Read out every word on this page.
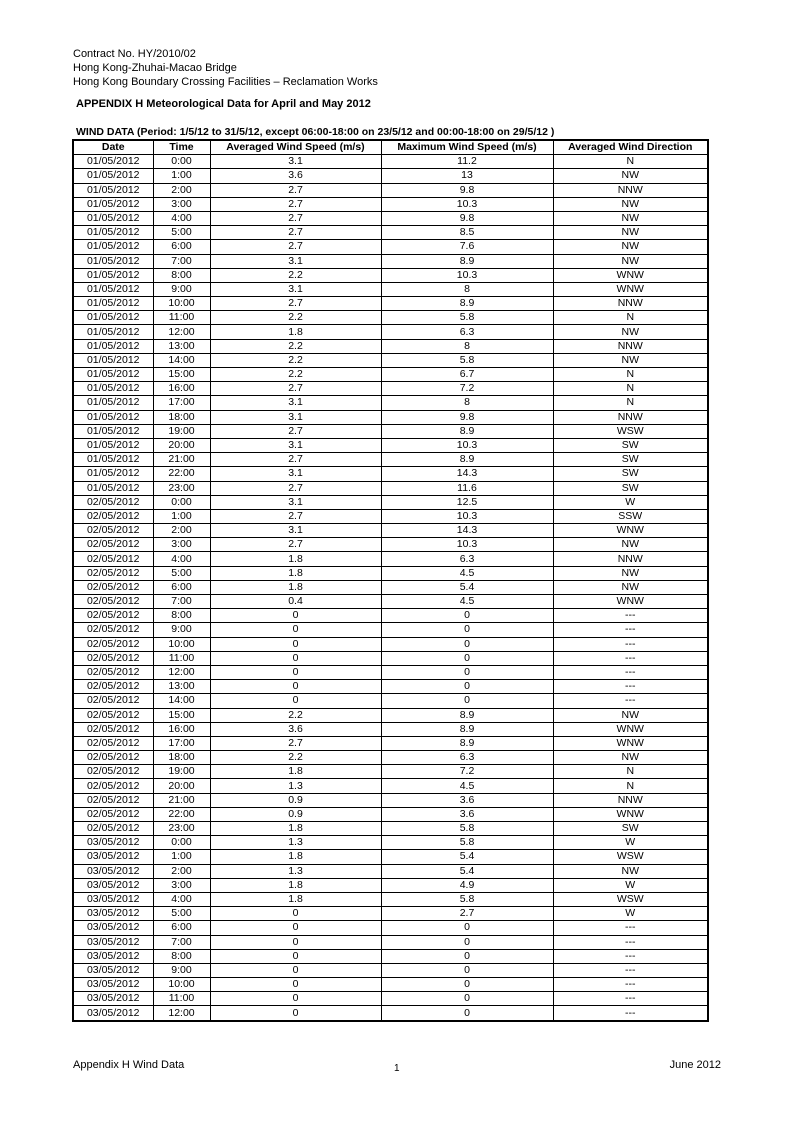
Contract No. HY/2010/02
Hong Kong-Zhuhai-Macao Bridge
Hong Kong Boundary Crossing Facilities – Reclamation Works
APPENDIX H Meteorological Data for April and May 2012
WIND DATA (Period: 1/5/12 to 31/5/12, except 06:00-18:00 on 23/5/12 and 00:00-18:00 on 29/5/12 )
Date	Time	Averaged Wind Speed (m/s)	Maximum Wind Speed (m/s)	Averaged Wind Direction
01/05/2012	0:00	3.1	11.2	N
01/05/2012	1:00	3.6	13	NW
01/05/2012	2:00	2.7	9.8	NNW
01/05/2012	3:00	2.7	10.3	NW
01/05/2012	4:00	2.7	9.8	NW
01/05/2012	5:00	2.7	8.5	NW
01/05/2012	6:00	2.7	7.6	NW
01/05/2012	7:00	3.1	8.9	NW
01/05/2012	8:00	2.2	10.3	WNW
01/05/2012	9:00	3.1	8	WNW
01/05/2012	10:00	2.7	8.9	NNW
01/05/2012	11:00	2.2	5.8	N
01/05/2012	12:00	1.8	6.3	NW
01/05/2012	13:00	2.2	8	NNW
01/05/2012	14:00	2.2	5.8	NW
01/05/2012	15:00	2.2	6.7	N
01/05/2012	16:00	2.7	7.2	N
01/05/2012	17:00	3.1	8	N
01/05/2012	18:00	3.1	9.8	NNW
01/05/2012	19:00	2.7	8.9	WSW
01/05/2012	20:00	3.1	10.3	SW
01/05/2012	21:00	2.7	8.9	SW
01/05/2012	22:00	3.1	14.3	SW
01/05/2012	23:00	2.7	11.6	SW
02/05/2012	0:00	3.1	12.5	W
02/05/2012	1:00	2.7	10.3	SSW
02/05/2012	2:00	3.1	14.3	WNW
02/05/2012	3:00	2.7	10.3	NW
02/05/2012	4:00	1.8	6.3	NNW
02/05/2012	5:00	1.8	4.5	NW
02/05/2012	6:00	1.8	5.4	NW
02/05/2012	7:00	0.4	4.5	WNW
02/05/2012	8:00	0	0	---
02/05/2012	9:00	0	0	---
02/05/2012	10:00	0	0	---
02/05/2012	11:00	0	0	---
02/05/2012	12:00	0	0	---
02/05/2012	13:00	0	0	---
02/05/2012	14:00	0	0	---
02/05/2012	15:00	2.2	8.9	NW
02/05/2012	16:00	3.6	8.9	WNW
02/05/2012	17:00	2.7	8.9	WNW
02/05/2012	18:00	2.2	6.3	NW
02/05/2012	19:00	1.8	7.2	N
02/05/2012	20:00	1.3	4.5	N
02/05/2012	21:00	0.9	3.6	NNW
02/05/2012	22:00	0.9	3.6	WNW
02/05/2012	23:00	1.8	5.8	SW
03/05/2012	0:00	1.3	5.8	W
03/05/2012	1:00	1.8	5.4	WSW
03/05/2012	2:00	1.3	5.4	NW
03/05/2012	3:00	1.8	4.9	W
03/05/2012	4:00	1.8	5.8	WSW
03/05/2012	5:00	0	2.7	W
03/05/2012	6:00	0	0	---
03/05/2012	7:00	0	0	---
03/05/2012	8:00	0	0	---
03/05/2012	9:00	0	0	---
03/05/2012	10:00	0	0	---
03/05/2012	11:00	0	0	---
03/05/2012	12:00	0	0	---
Appendix H Wind Data	1	June 2012
